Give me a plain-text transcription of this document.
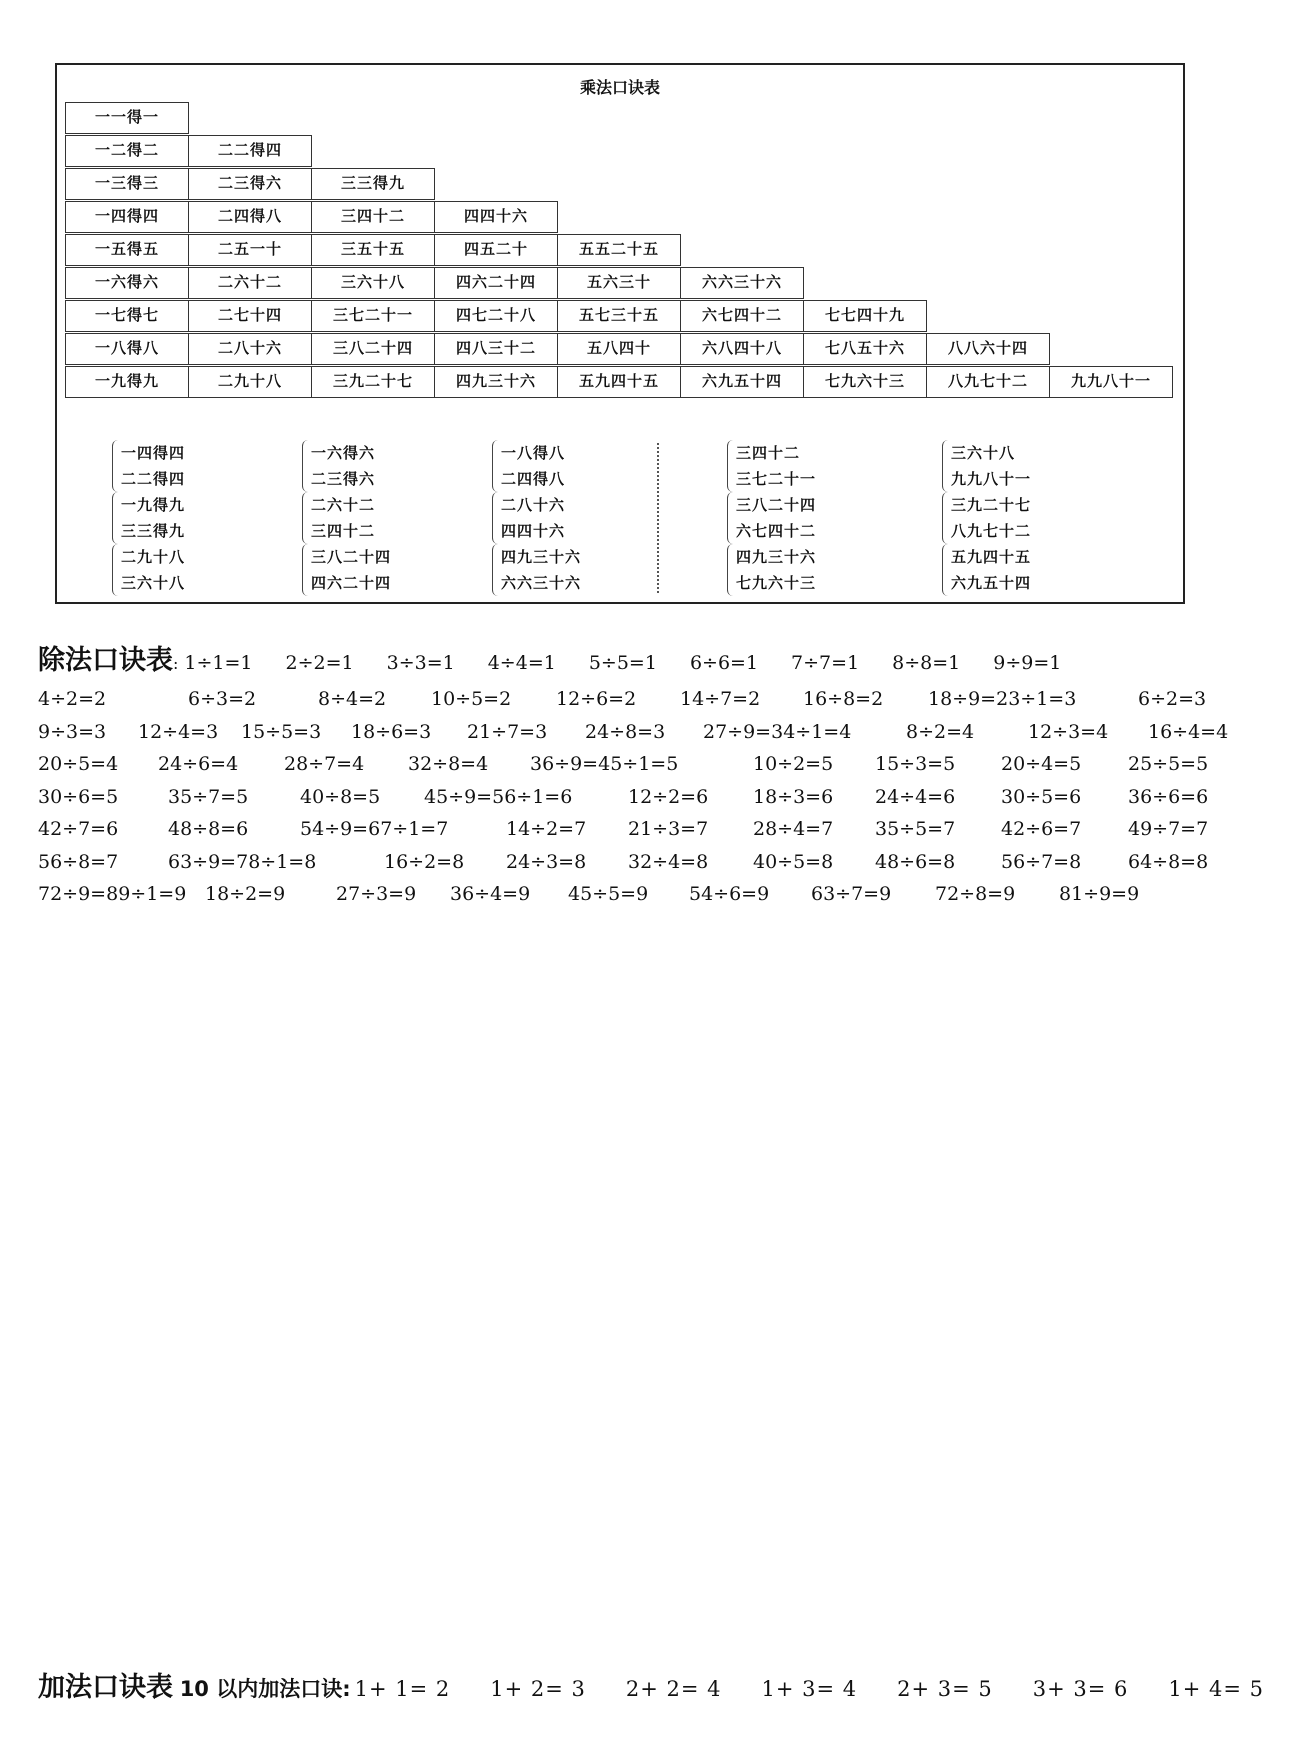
乘法口诀表
一一得一
一二得二	二二得四
一三得三	二三得六	三三得九
一四得四	二四得八	三四十二	四四十六
一五得五	二五一十	三五十五	四五二十	五五二十五
一六得六	二六十二	三六十八	四六二十四	五六三十	六六三十六
一七得七	二七十四	三七二十一	四七二十八	五七三十五	六七四十二	七七四十九
一八得八	二八十六	三八二十四	四八三十二	五八四十	六八四十八	七八五十六	八八六十四
一九得九	二九十八	三九二十七	四九三十六	五九四十五	六九五十四	七九六十三	八九七十二	九九八十一
一四得四
二二得四
一六得六
二三得六
一八得八
二四得八
三四十二
三七二十一
三六十八
九九八十一
一九得九
三三得九
二六十二
三四十二
二八十六
四四十六
三八二十四
六七四十二
三九二十七
八九七十二
二九十八
三六十八
三八二十四
四六二十四
四九三十六
六六三十六
四九三十六
七九六十三
五九四十五
六九五十四
除法口诀表: 1÷1=1 2÷2=1 3÷3=1 4÷4=1 5÷5=1 6÷6=1 7÷7=1 8÷8=1 9÷9=1
4÷2=2	6÷3=2	8÷4=2 10÷5=2 12÷6=2 14÷7=2 16÷8=2 18÷9=23÷1=3	6÷2=3
9÷3=3 12÷4=3 15÷5=3 18÷6=3 21÷7=3 24÷8=3 27÷9=34÷1=4	8÷2=4	12÷3=4 16÷4=4
20÷5=4 24÷6=4 28÷7=4 32÷8=4 36÷9=45÷1=5	10÷2=5 15÷3=5 20÷4=5 25÷5=5
30÷6=5	35÷7=5	40÷8=5 45÷9=56÷1=6	12÷2=6 18÷3=6 24÷4=6 30÷5=6 36÷6=6
42÷7=6	48÷8=6	54÷9=67÷1=7	14÷2=7 21÷3=7 28÷4=7 35÷5=7 42÷6=7 49÷7=7
56÷8=7	63÷9=78÷1=8	16÷2=8 24÷3=8 32÷4=8 40÷5=8 48÷6=8 56÷7=8 64÷8=8
72÷9=89÷1=9 18÷2=9	27÷3=9 36÷4=9 45÷5=9 54÷6=9 63÷7=9 72÷8=9 81÷9=9
加法口诀表 10 以内加法口诀: 1+ 1= 2 1+ 2= 3 2+ 2= 4 1+ 3= 4 2+ 3= 5 3+ 3= 6 1+ 4= 5
